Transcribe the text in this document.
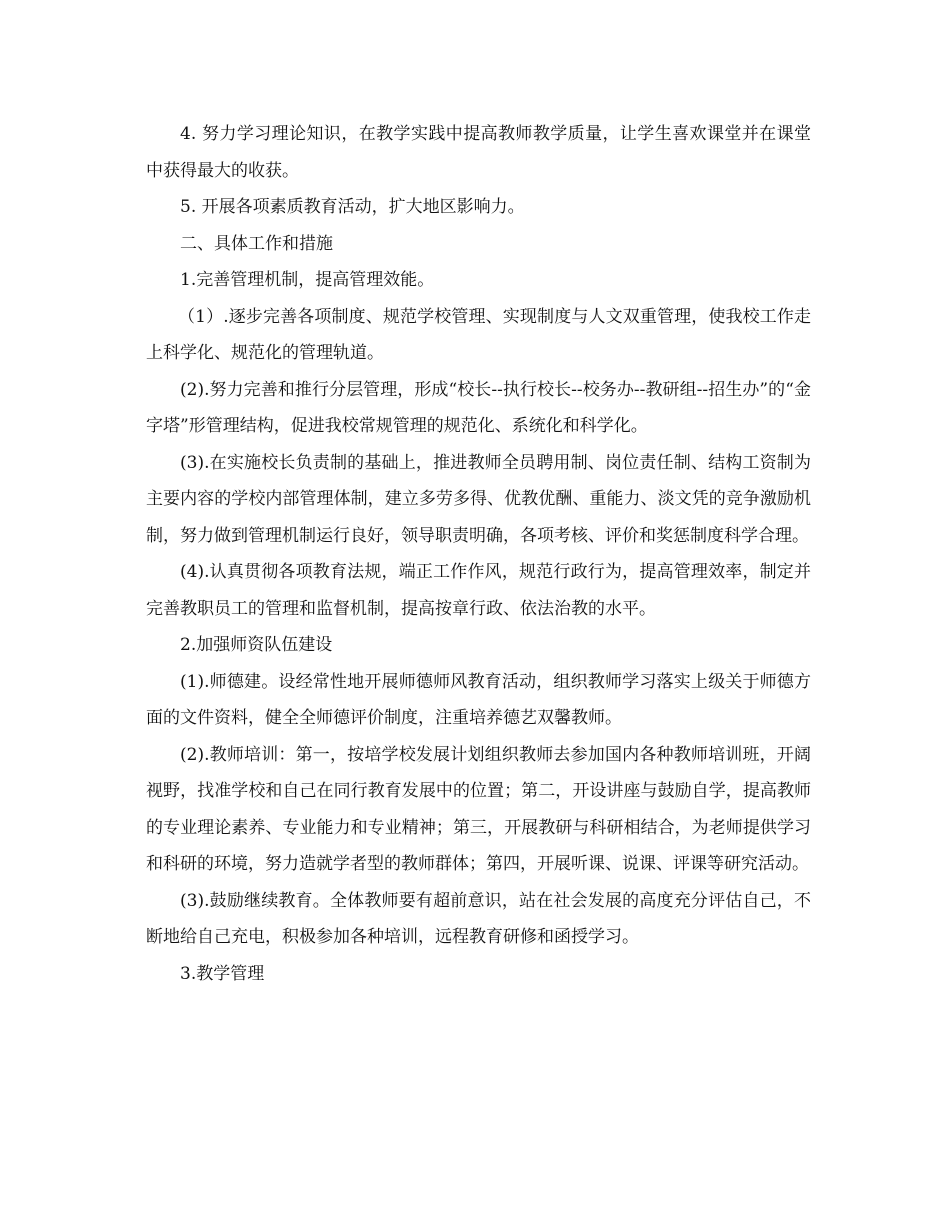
4. 努力学习理论知识，在教学实践中提高教师教学质量，让学生喜欢课堂并在课堂中获得最大的收获。

5. 开展各项素质教育活动，扩大地区影响力。

二、具体工作和措施

1.完善管理机制，提高管理效能。

（1）.逐步完善各项制度、规范学校管理、实现制度与人文双重管理，使我校工作走上科学化、规范化的管理轨道。

(2).努力完善和推行分层管理，形成“校长--执行校长--校务办--教研组--招生办”的“金字塔”形管理结构，促进我校常规管理的规范化、系统化和科学化。

(3).在实施校长负责制的基础上，推进教师全员聘用制、岗位责任制、结构工资制为主要内容的学校内部管理体制，建立多劳多得、优教优酬、重能力、淡文凭的竞争激励机制，努力做到管理机制运行良好，领导职责明确，各项考核、评价和奖惩制度科学合理。

(4).认真贯彻各项教育法规，端正工作作风，规范行政行为，提高管理效率，制定并完善教职员工的管理和监督机制，提高按章行政、依法治教的水平。

2.加强师资队伍建设

(1).师德建。设经常性地开展师德师风教育活动，组织教师学习落实上级关于师德方面的文件资料，健全全师德评价制度，注重培养德艺双馨教师。

(2).教师培训：第一，按培学校发展计划组织教师去参加国内各种教师培训班，开阔视野，找准学校和自己在同行教育发展中的位置；第二，开设讲座与鼓励自学，提高教师的专业理论素养、专业能力和专业精神；第三，开展教研与科研相结合，为老师提供学习和科研的环境，努力造就学者型的教师群体；第四，开展听课、说课、评课等研究活动。

(3).鼓励继续教育。全体教师要有超前意识，站在社会发展的高度充分评估自己，不断地给自己充电，积极参加各种培训，远程教育研修和函授学习。

3.教学管理
